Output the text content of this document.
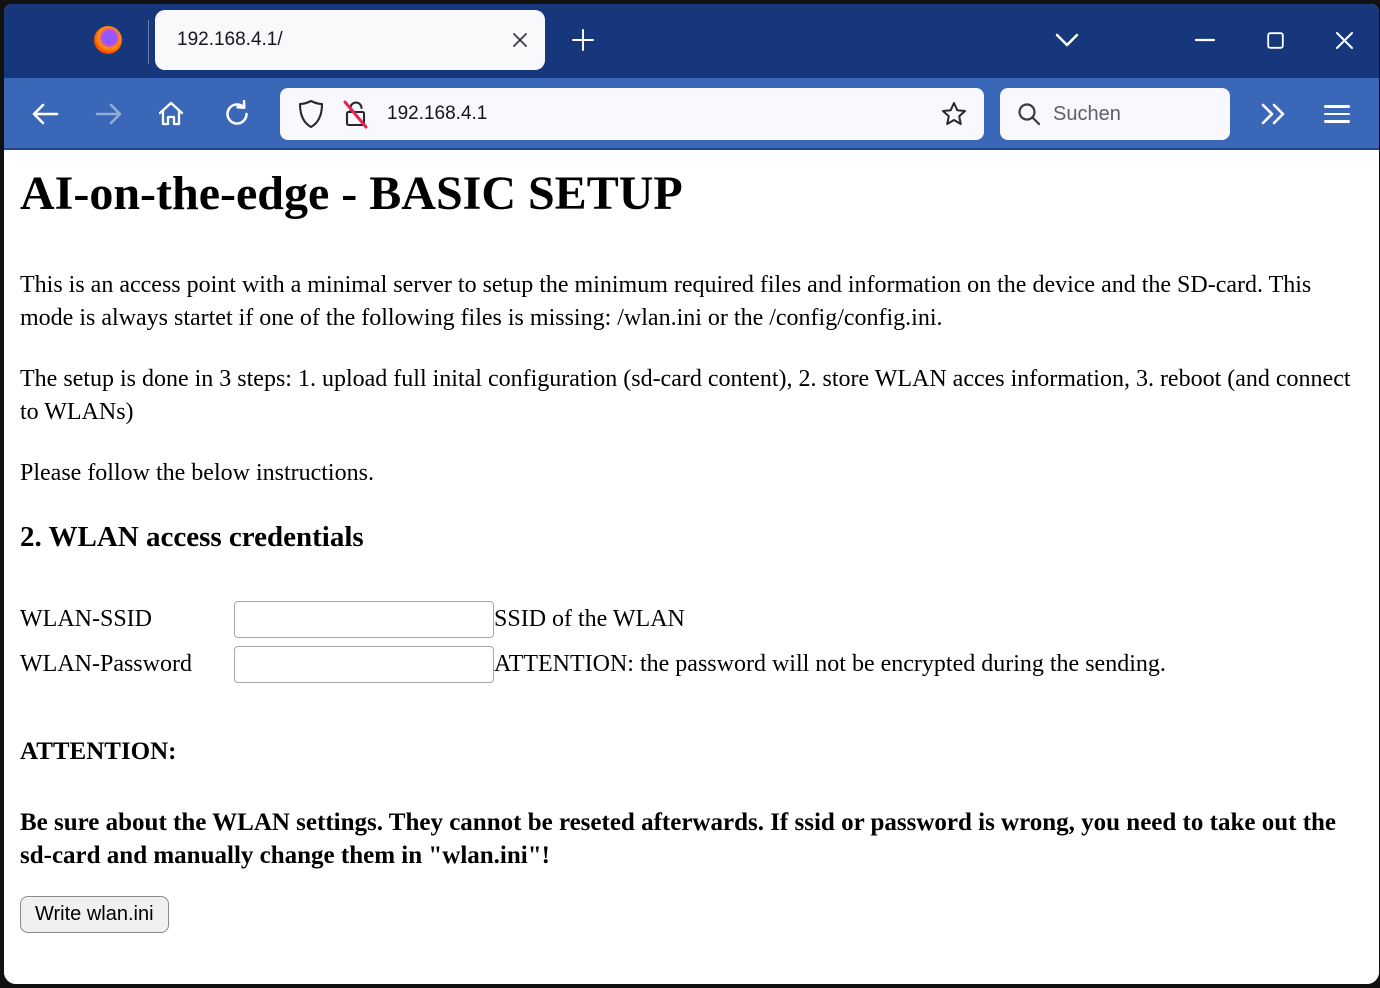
192.168.4.1/
192.168.4.1	Suchen
AI-on-the-edge - BASIC SETUP

This is an access point with a minimal server to setup the minimum required files and information on the device and the SD-card. This mode is always startet if one of the following files is missing: /wlan.ini or the /config/config.ini.

The setup is done in 3 steps: 1. upload full inital configuration (sd-card content), 2. store WLAN acces information, 3. reboot (and connect to WLANs)

Please follow the below instructions.

2. WLAN access credentials
WLAN-SSID		SSID of the WLAN
WLAN-Password		ATTENTION: the password will not be encrypted during the sending.
ATTENTION:

Be sure about the WLAN settings. They cannot be reseted afterwards. If ssid or password is wrong, you need to take out the sd-card and manually change them in "wlan.ini"!

Write wlan.ini
